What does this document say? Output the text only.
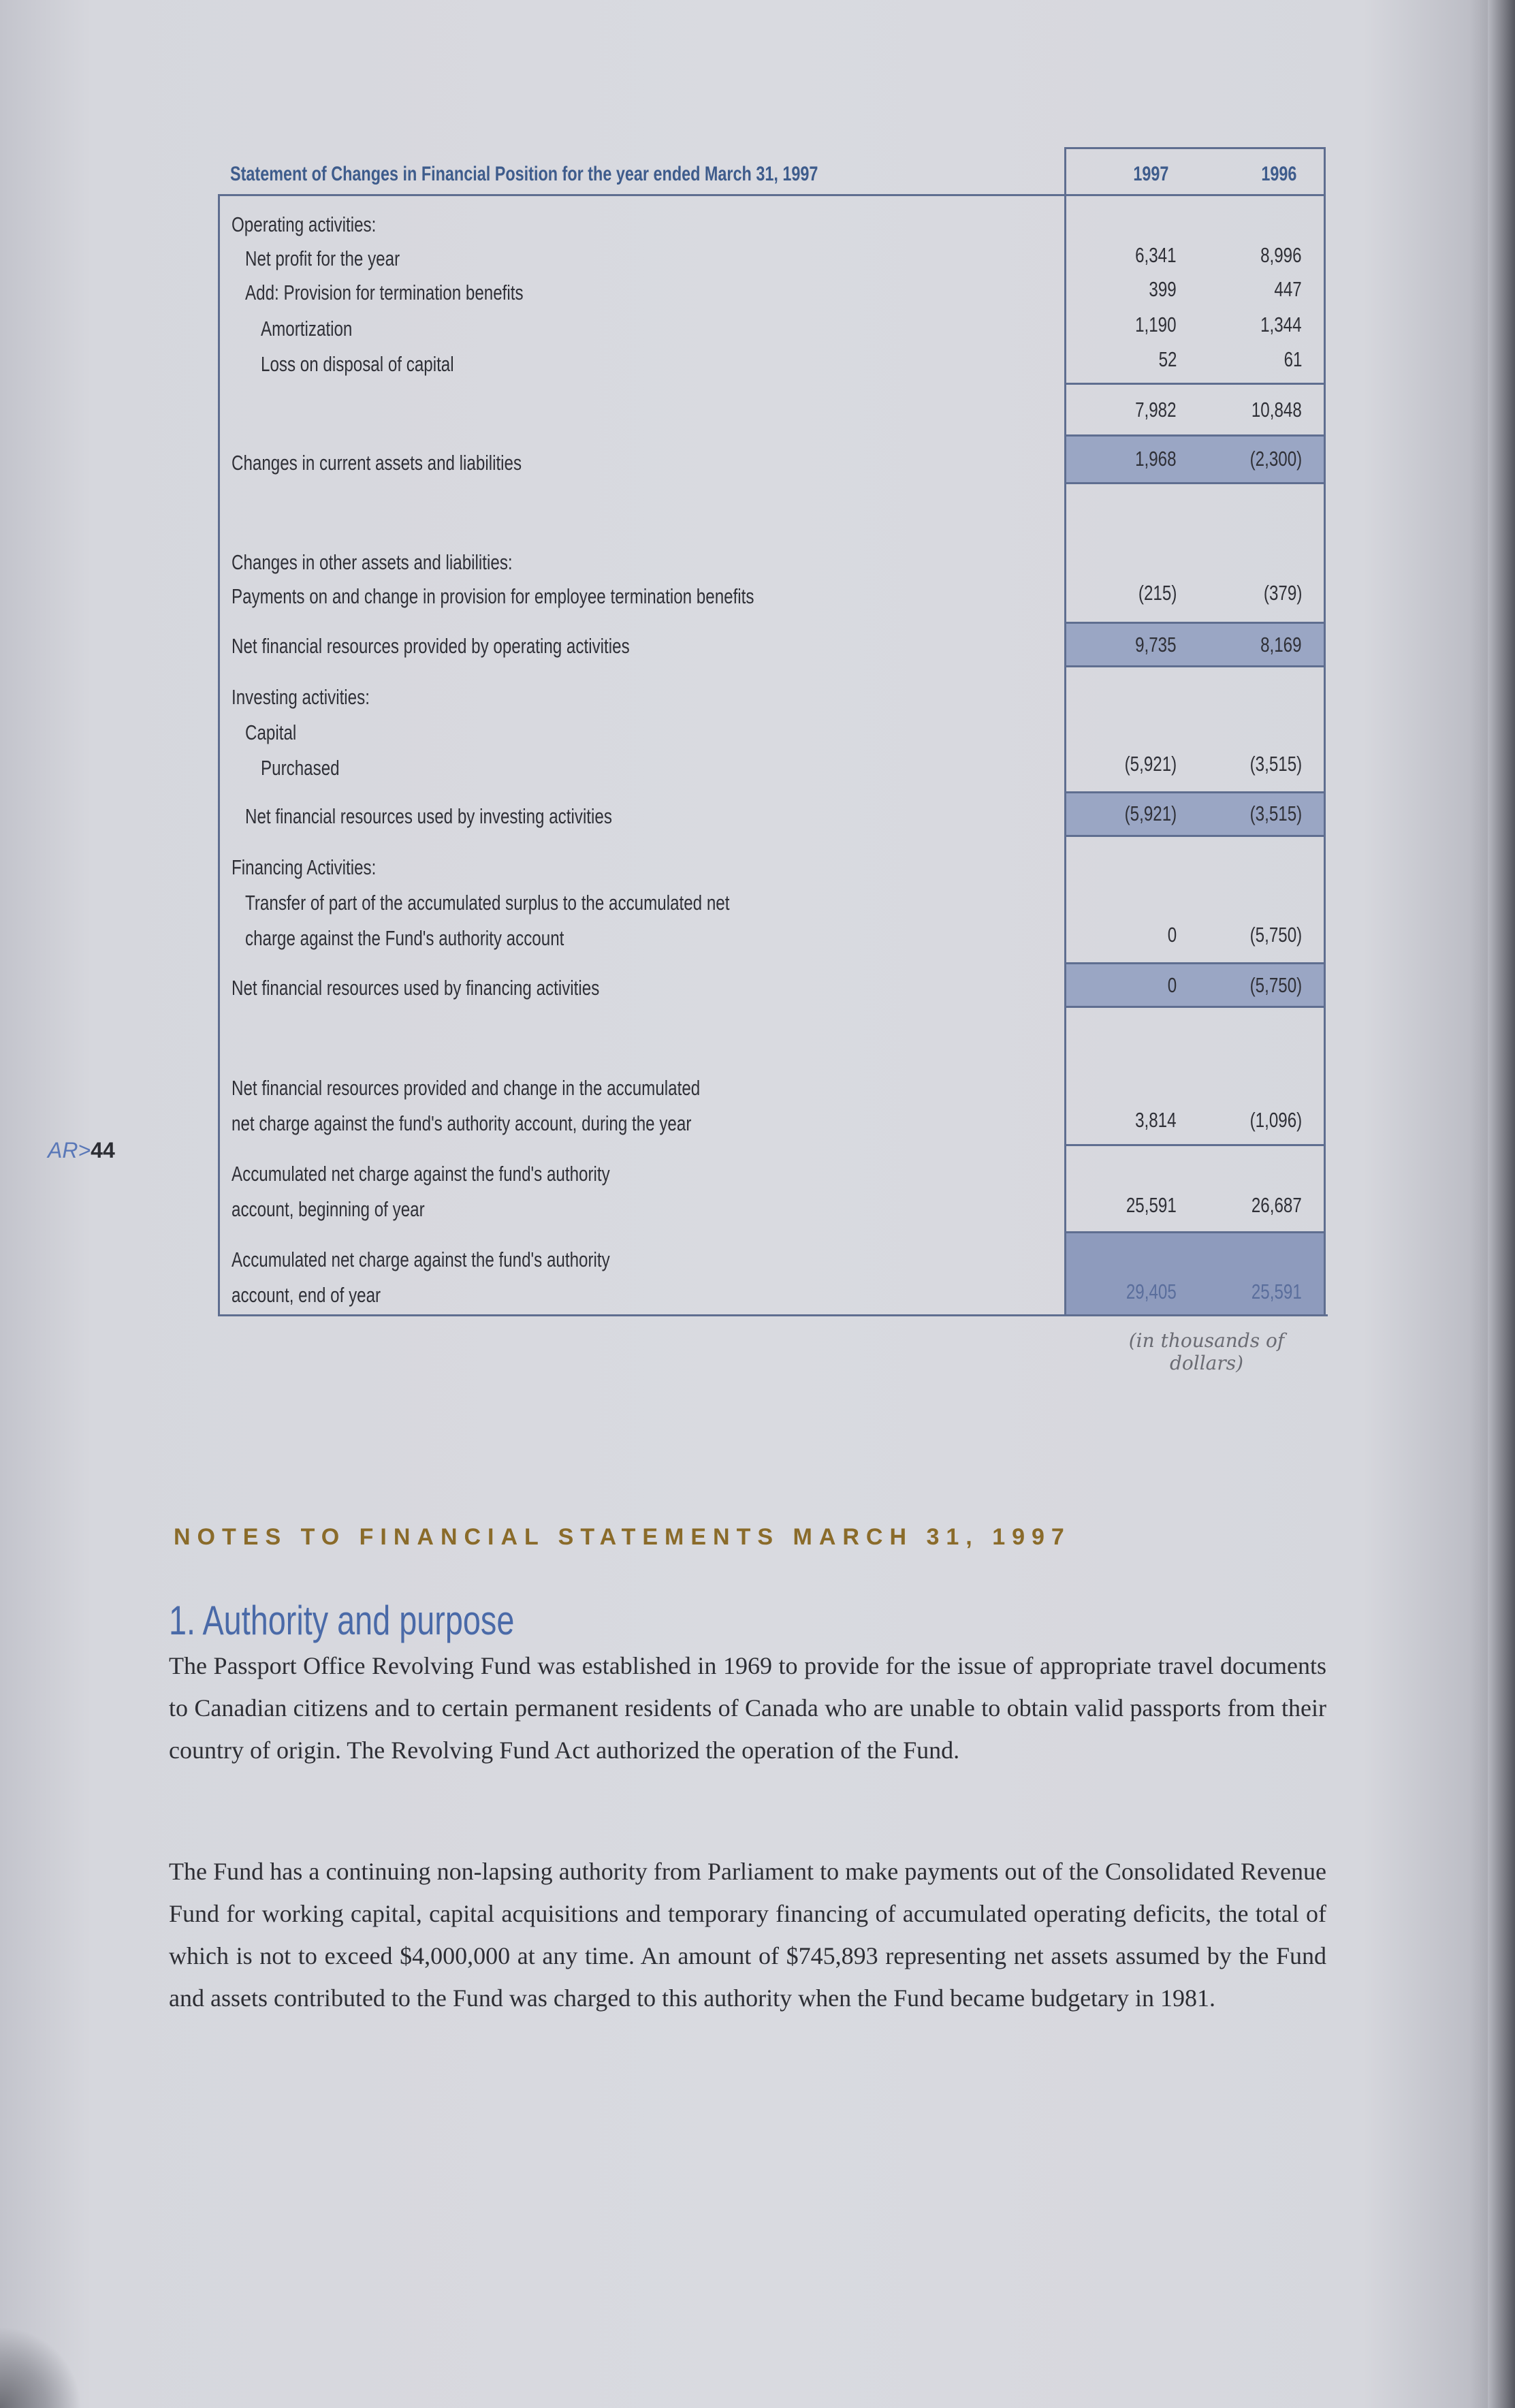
Statement of Changes in Financial Position for the year ended March 31, 1997	1997	1996
Operating activities:
Net profit for the year	6,341	8,996
Add: Provision for termination benefits	399	447
Amortization	1,190	1,344
Loss on disposal of capital	52	61
7,982	10,848
Changes in current assets and liabilities	1,968	(2,300)
Changes in other assets and liabilities:
Payments on and change in provision for employee termination benefits	(215)	(379)
Net financial resources provided by operating activities	9,735	8,169
Investing activities:
Capital
Purchased	(5,921)	(3,515)
Net financial resources used by investing activities	(5,921)	(3,515)
Financing Activities:
Transfer of part of the accumulated surplus to the accumulated net
charge against the Fund's authority account	0	(5,750)
Net financial resources used by financing activities	0	(5,750)
Net financial resources provided and change in the accumulated
net charge against the fund's authority account, during the year	3,814	(1,096)
Accumulated net charge against the fund's authority
account, beginning of year	25,591	26,687
Accumulated net charge against the fund's authority
account, end of year	29,405	25,591
(in thousands of dollars)
AR>44
NOTES TO FINANCIAL STATEMENTS MARCH 31, 1997
1. Authority and purpose
The Passport Office Revolving Fund was established in 1969 to provide for the issue of appropriate travel documents to Canadian citizens and to certain permanent residents of Canada who are unable to obtain valid passports from their country of origin. The Revolving Fund Act authorized the operation of the Fund.
The Fund has a continuing non-lapsing authority from Parliament to make payments out of the Consolidated Revenue Fund for working capital, capital acquisitions and temporary financing of accumulated operating deficits, the total of which is not to exceed $4,000,000 at any time. An amount of $745,893 representing net assets assumed by the Fund and assets contributed to the Fund was charged to this authority when the Fund became budgetary in 1981.
